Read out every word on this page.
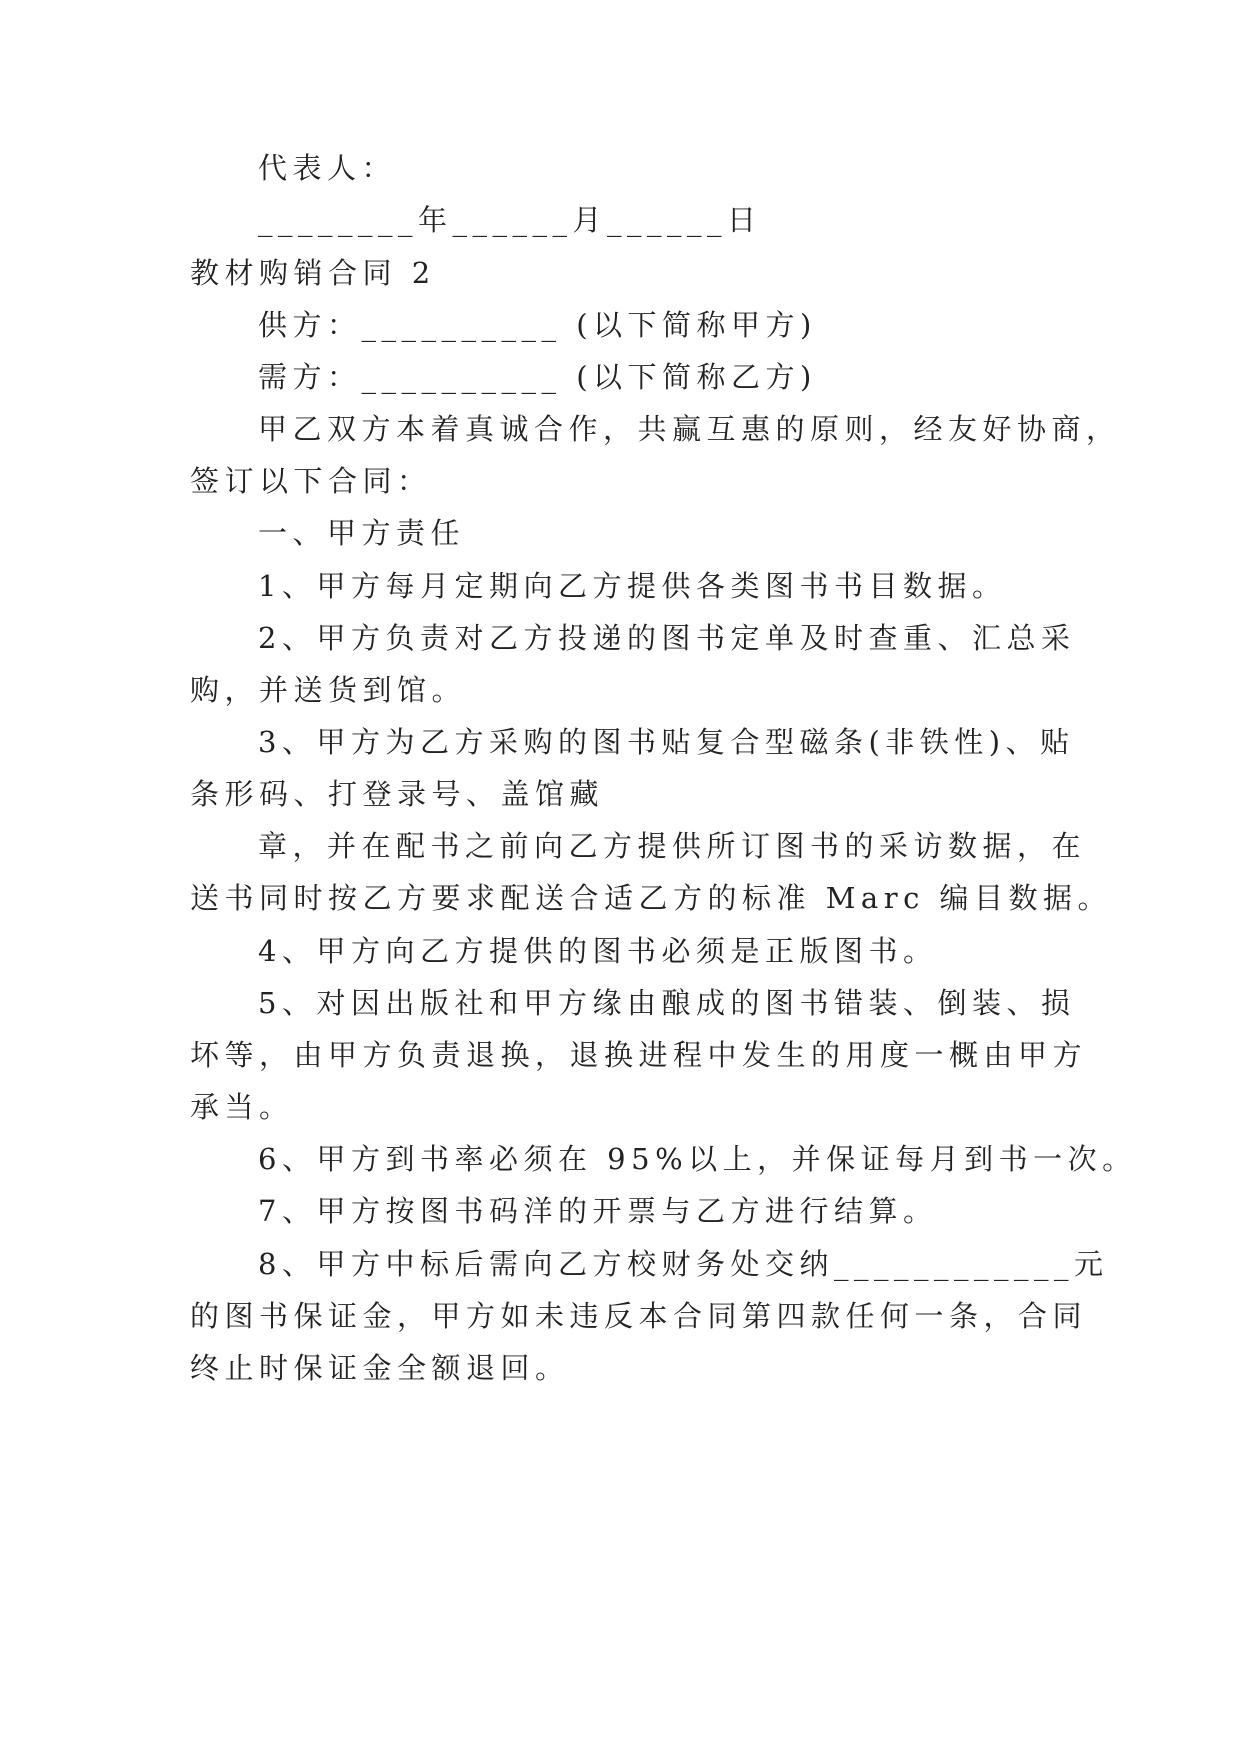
代表人：
________年______月______日
教材购销合同 2
供方：__________ (以下简称甲方)
需方：__________ (以下简称乙方)
甲乙双方本着真诚合作，共赢互惠的原则，经友好协商，
签订以下合同：
一、甲方责任
1、甲方每月定期向乙方提供各类图书书目数据。
2、甲方负责对乙方投递的图书定单及时查重、汇总采
购，并送货到馆。
3、甲方为乙方采购的图书贴复合型磁条(非铁性)、贴
条形码、打登录号、盖馆藏
章，并在配书之前向乙方提供所订图书的采访数据，在
送书同时按乙方要求配送合适乙方的标准 Marc 编目数据。
4、甲方向乙方提供的图书必须是正版图书。
5、对因出版社和甲方缘由酿成的图书错装、倒装、损
坏等，由甲方负责退换，退换进程中发生的用度一概由甲方
承当。
6、甲方到书率必须在 95%以上，并保证每月到书一次。
7、甲方按图书码洋的开票与乙方进行结算。
8、甲方中标后需向乙方校财务处交纳____________元
的图书保证金，甲方如未违反本合同第四款任何一条，合同
终止时保证金全额退回。
